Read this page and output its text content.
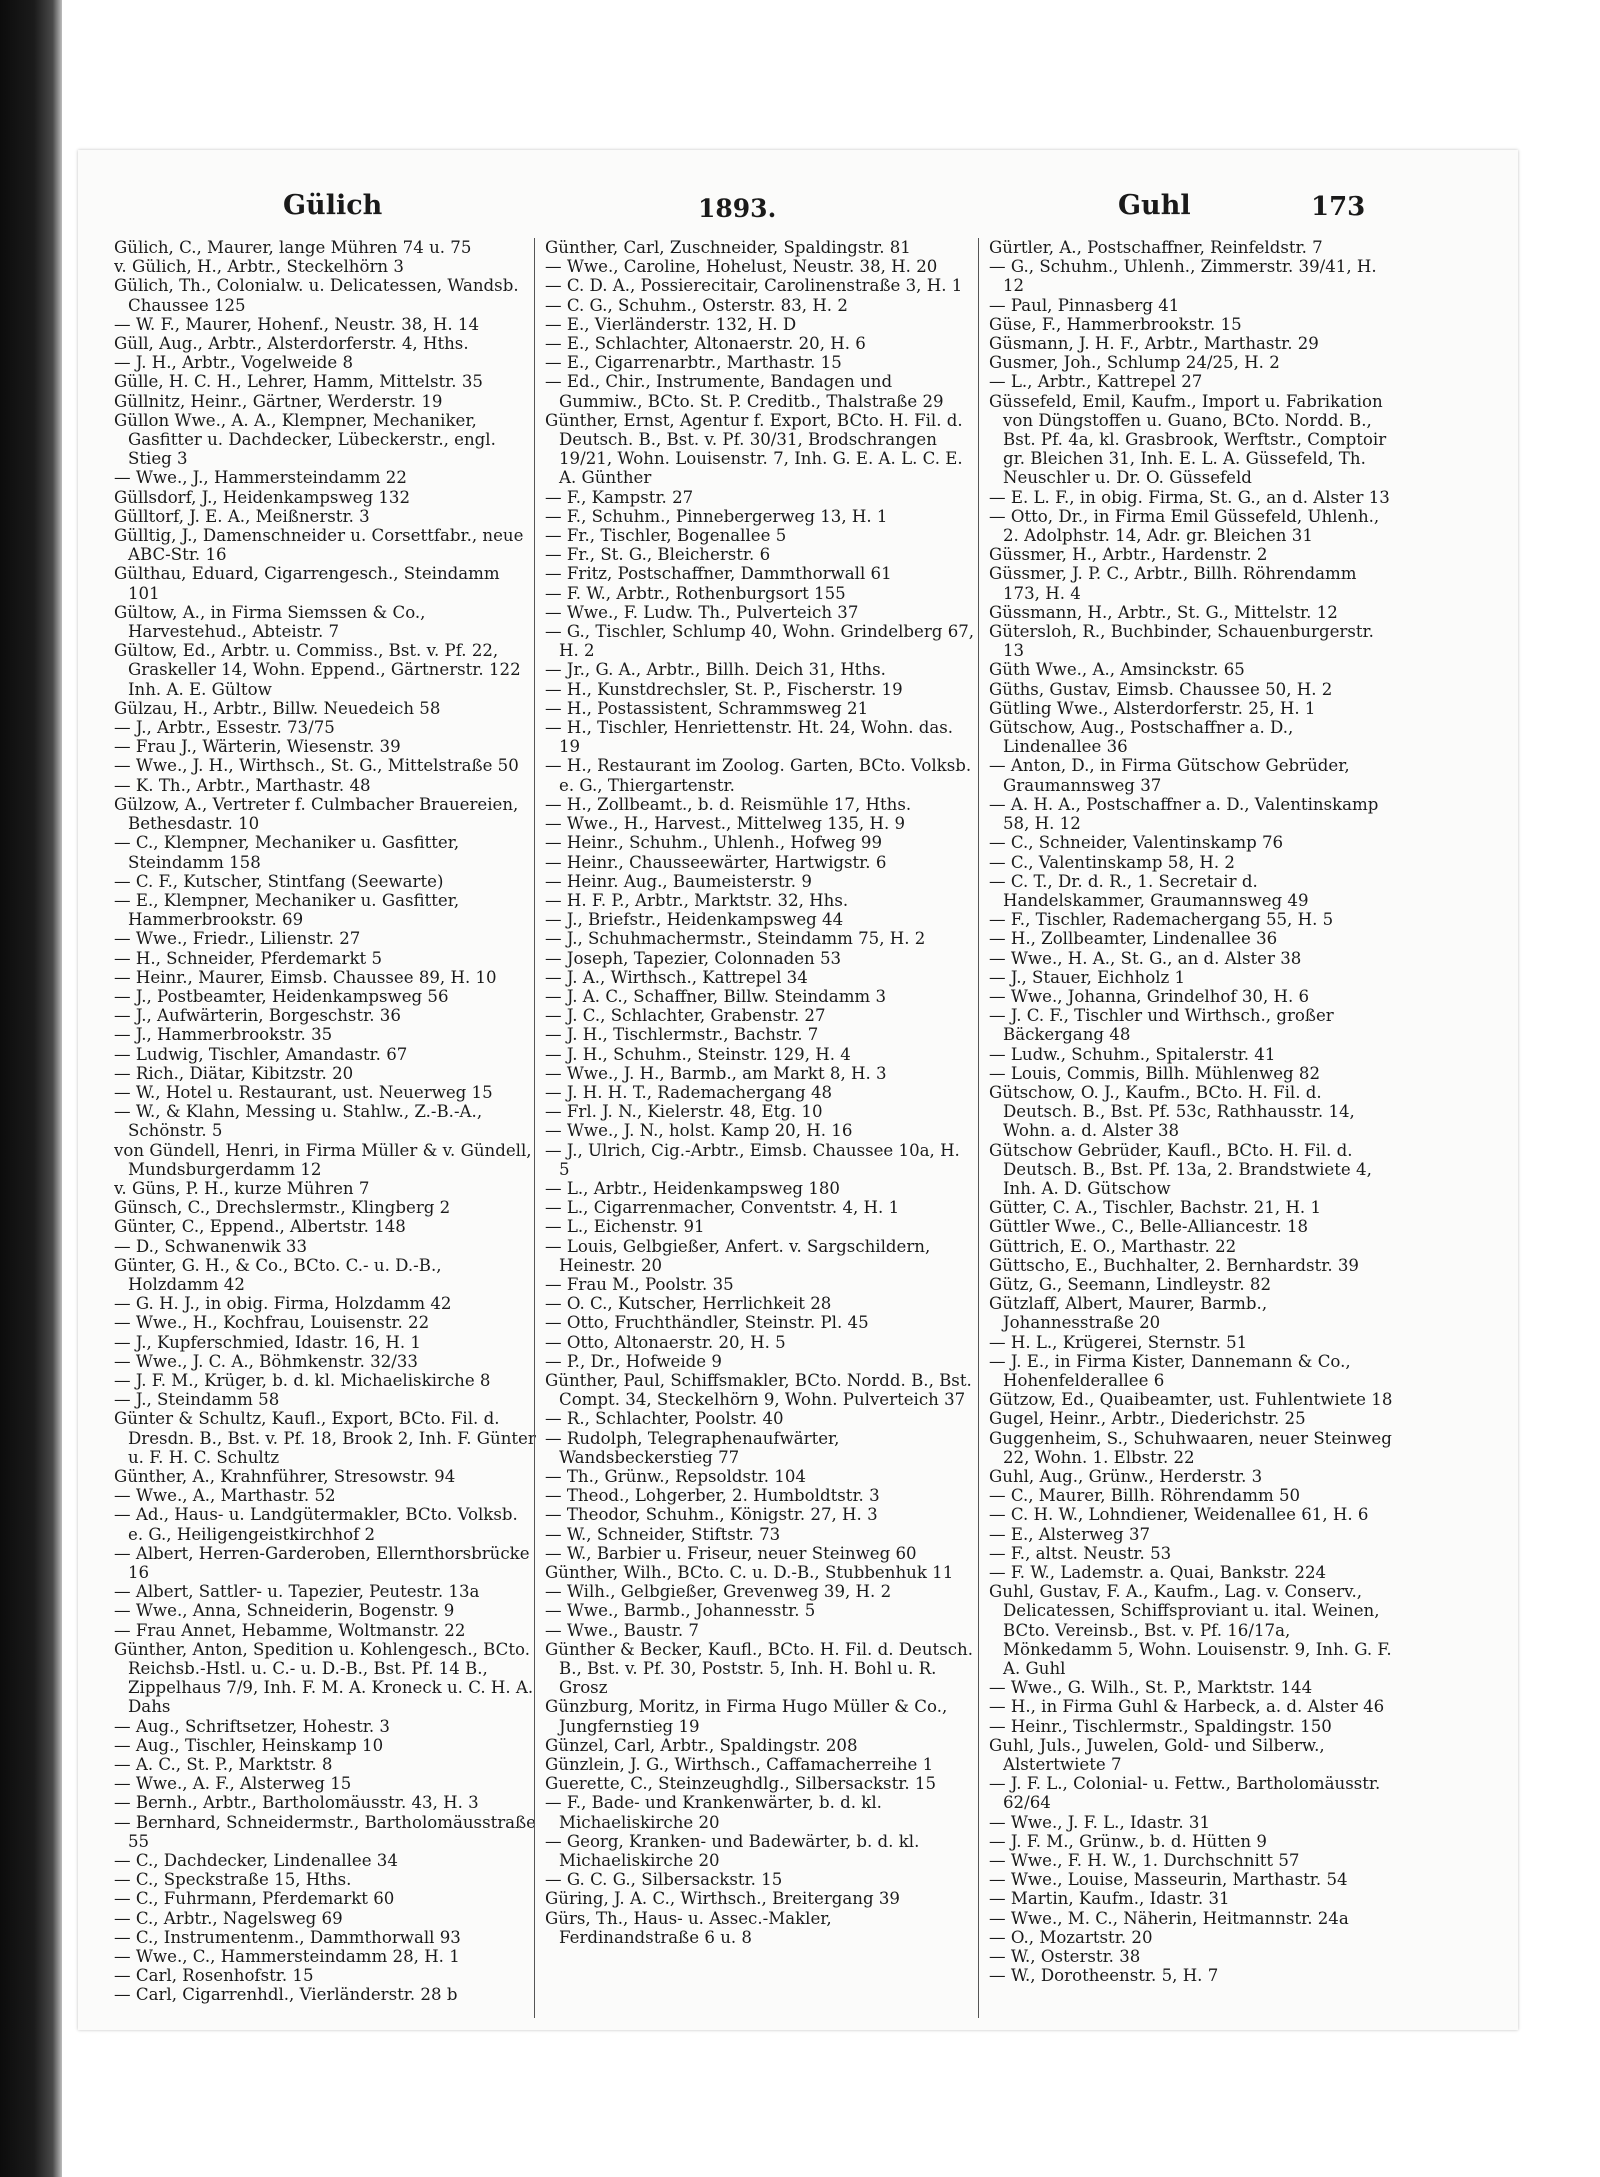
Gülich	1893.	Guhl	173

Gülich, C., Maurer, lange Mühren 74 u. 75

v. Gülich, H., Arbtr., Steckelhörn 3

Gülich, Th., Colonialw. u. Delicatessen, Wandsb. Chaussee 125

— W. F., Maurer, Hohenf., Neustr. 38, H. 14

Güll, Aug., Arbtr., Alsterdorferstr. 4, Hths.

— J. H., Arbtr., Vogelweide 8

Gülle, H. C. H., Lehrer, Hamm, Mittelstr. 35

Güllnitz, Heinr., Gärtner, Werderstr. 19

Güllon Wwe., A. A., Klempner, Mechaniker, Gasfitter u. Dachdecker, Lübeckerstr., engl. Stieg 3

— Wwe., J., Hammersteindamm 22

Güllsdorf, J., Heidenkampsweg 132

Gülltorf, J. E. A., Meißnerstr. 3

Gülltig, J., Damenschneider u. Corsettfabr., neue ABC-Str. 16

Gülthau, Eduard, Cigarrengesch., Steindamm 101

Gültow, A., in Firma Siemssen & Co., Harvestehud., Abteistr. 7

Gültow, Ed., Arbtr. u. Commiss., Bst. v. Pf. 22, Graskeller 14, Wohn. Eppend., Gärtnerstr. 122 Inh. A. E. Gültow

Gülzau, H., Arbtr., Billw. Neuedeich 58

— J., Arbtr., Essestr. 73/75

— Frau J., Wärterin, Wiesenstr. 39

— Wwe., J. H., Wirthsch., St. G., Mittelstraße 50

— K. Th., Arbtr., Marthastr. 48

Gülzow, A., Vertreter f. Culmbacher Brauereien, Bethesdastr. 10

— C., Klempner, Mechaniker u. Gasfitter, Steindamm 158

— C. F., Kutscher, Stintfang (Seewarte)

— E., Klempner, Mechaniker u. Gasfitter, Hammerbrookstr. 69

— Wwe., Friedr., Lilienstr. 27

— H., Schneider, Pferdemarkt 5

— Heinr., Maurer, Eimsb. Chaussee 89, H. 10

— J., Postbeamter, Heidenkampsweg 56

— J., Aufwärterin, Borgeschstr. 36

— J., Hammerbrookstr. 35

— Ludwig, Tischler, Amandastr. 67

— Rich., Diätar, Kibitzstr. 20

— W., Hotel u. Restaurant, ust. Neuerweg 15

— W., & Klahn, Messing u. Stahlw., Z.-B.-A., Schönstr. 5

von Gündell, Henri, in Firma Müller & v. Gündell, Mundsburgerdamm 12

v. Güns, P. H., kurze Mühren 7

Günsch, C., Drechslermstr., Klingberg 2

Günter, C., Eppend., Albertstr. 148

— D., Schwanenwik 33

Günter, G. H., & Co., BCto. C.- u. D.-B., Holzdamm 42

— G. H. J., in obig. Firma, Holzdamm 42

— Wwe., H., Kochfrau, Louisenstr. 22

— J., Kupferschmied, Idastr. 16, H. 1

— Wwe., J. C. A., Böhmkenstr. 32/33

— J. F. M., Krüger, b. d. kl. Michaeliskirche 8

— J., Steindamm 58

Günter & Schultz, Kaufl., Export, BCto. Fil. d. Dresdn. B., Bst. v. Pf. 18, Brook 2, Inh. F. Günter u. F. H. C. Schultz

Günther, A., Krahnführer, Stresowstr. 94

— Wwe., A., Marthastr. 52

— Ad., Haus- u. Landgütermakler, BCto. Volksb. e. G., Heiligengeistkirchhof 2

— Albert, Herren-Garderoben, Ellernthorsbrücke 16

— Albert, Sattler- u. Tapezier, Peutestr. 13a

— Wwe., Anna, Schneiderin, Bogenstr. 9

— Frau Annet, Hebamme, Woltmanstr. 22

Günther, Anton, Spedition u. Kohlengesch., BCto. Reichsb.-Hstl. u. C.- u. D.-B., Bst. Pf. 14 B., Zippelhaus 7/9, Inh. F. M. A. Kroneck u. C. H. A. Dahs

— Aug., Schriftsetzer, Hohestr. 3

— Aug., Tischler, Heinskamp 10

— A. C., St. P., Marktstr. 8

— Wwe., A. F., Alsterweg 15

— Bernh., Arbtr., Bartholomäusstr. 43, H. 3

— Bernhard, Schneidermstr., Bartholomäusstraße 55

— C., Dachdecker, Lindenallee 34

— C., Speckstraße 15, Hths.

— C., Fuhrmann, Pferdemarkt 60

— C., Arbtr., Nagelsweg 69

— C., Instrumentenm., Dammthorwall 93

— Wwe., C., Hammersteindamm 28, H. 1

— Carl, Rosenhofstr. 15

— Carl, Cigarrenhdl., Vierländerstr. 28 b

Günther, Carl, Zuschneider, Spaldingstr. 81

— Wwe., Caroline, Hohelust, Neustr. 38, H. 20

— C. D. A., Possierecitair, Carolinenstraße 3, H. 1

— C. G., Schuhm., Osterstr. 83, H. 2

— E., Vierländerstr. 132, H. D

— E., Schlachter, Altonaerstr. 20, H. 6

— E., Cigarrenarbtr., Marthastr. 15

— Ed., Chir., Instrumente, Bandagen und Gummiw., BCto. St. P. Creditb., Thalstraße 29

Günther, Ernst, Agentur f. Export, BCto. H. Fil. d. Deutsch. B., Bst. v. Pf. 30/31, Brodschrangen 19/21, Wohn. Louisenstr. 7, Inh. G. E. A. L. C. E. A. Günther

— F., Kampstr. 27

— F., Schuhm., Pinnebergerweg 13, H. 1

— Fr., Tischler, Bogenallee 5

— Fr., St. G., Bleicherstr. 6

— Fritz, Postschaffner, Dammthorwall 61

— F. W., Arbtr., Rothenburgsort 155

— Wwe., F. Ludw. Th., Pulverteich 37

— G., Tischler, Schlump 40, Wohn. Grindelberg 67, H. 2

— Jr., G. A., Arbtr., Billh. Deich 31, Hths.

— H., Kunstdrechsler, St. P., Fischerstr. 19

— H., Postassistent, Schrammsweg 21

— H., Tischler, Henriettenstr. Ht. 24, Wohn. das. 19

— H., Restaurant im Zoolog. Garten, BCto. Volksb. e. G., Thiergartenstr.

— H., Zollbeamt., b. d. Reismühle 17, Hths.

— Wwe., H., Harvest., Mittelweg 135, H. 9

— Heinr., Schuhm., Uhlenh., Hofweg 99

— Heinr., Chausseewärter, Hartwigstr. 6

— Heinr. Aug., Baumeisterstr. 9

— H. F. P., Arbtr., Marktstr. 32, Hhs.

— J., Briefstr., Heidenkampsweg 44

— J., Schuhmachermstr., Steindamm 75, H. 2

— Joseph, Tapezier, Colonnaden 53

— J. A., Wirthsch., Kattrepel 34

— J. A. C., Schaffner, Billw. Steindamm 3

— J. C., Schlachter, Grabenstr. 27

— J. H., Tischlermstr., Bachstr. 7

— J. H., Schuhm., Steinstr. 129, H. 4

— Wwe., J. H., Barmb., am Markt 8, H. 3

— J. H. H. T., Rademachergang 48

— Frl. J. N., Kielerstr. 48, Etg. 10

— Wwe., J. N., holst. Kamp 20, H. 16

— J., Ulrich, Cig.-Arbtr., Eimsb. Chaussee 10a, H. 5

— L., Arbtr., Heidenkampsweg 180

— L., Cigarrenmacher, Conventstr. 4, H. 1

— L., Eichenstr. 91

— Louis, Gelbgießer, Anfert. v. Sargschildern, Heinestr. 20

— Frau M., Poolstr. 35

— O. C., Kutscher, Herrlichkeit 28

— Otto, Fruchthändler, Steinstr. Pl. 45

— Otto, Altonaerstr. 20, H. 5

— P., Dr., Hofweide 9

Günther, Paul, Schiffsmakler, BCto. Nordd. B., Bst. Compt. 34, Steckelhörn 9, Wohn. Pulverteich 37

— R., Schlachter, Poolstr. 40

— Rudolph, Telegraphenaufwärter, Wandsbeckerstieg 77

— Th., Grünw., Repsoldstr. 104

— Theod., Lohgerber, 2. Humboldtstr. 3

— Theodor, Schuhm., Königstr. 27, H. 3

— W., Schneider, Stiftstr. 73

— W., Barbier u. Friseur, neuer Steinweg 60

Günther, Wilh., BCto. C. u. D.-B., Stubbenhuk 11

— Wilh., Gelbgießer, Grevenweg 39, H. 2

— Wwe., Barmb., Johannesstr. 5

— Wwe., Baustr. 7

Günther & Becker, Kaufl., BCto. H. Fil. d. Deutsch. B., Bst. v. Pf. 30, Poststr. 5, Inh. H. Bohl u. R. Grosz

Günzburg, Moritz, in Firma Hugo Müller & Co., Jungfernstieg 19

Günzel, Carl, Arbtr., Spaldingstr. 208

Günzlein, J. G., Wirthsch., Caffamacherreihe 1

Guerette, C., Steinzeughdlg., Silbersackstr. 15

— F., Bade- und Krankenwärter, b. d. kl. Michaeliskirche 20

— Georg, Kranken- und Badewärter, b. d. kl. Michaeliskirche 20

— G. C. G., Silbersackstr. 15

Güring, J. A. C., Wirthsch., Breitergang 39

Gürs, Th., Haus- u. Assec.-Makler, Ferdinandstraße 6 u. 8

Gürtler, A., Postschaffner, Reinfeldstr. 7

— G., Schuhm., Uhlenh., Zimmerstr. 39/41, H. 12

— Paul, Pinnasberg 41

Güse, F., Hammerbrookstr. 15

Güsmann, J. H. F., Arbtr., Marthastr. 29

Gusmer, Joh., Schlump 24/25, H. 2

— L., Arbtr., Kattrepel 27

Güssefeld, Emil, Kaufm., Import u. Fabrikation von Düngstoffen u. Guano, BCto. Nordd. B., Bst. Pf. 4a, kl. Grasbrook, Werftstr., Comptoir gr. Bleichen 31, Inh. E. L. A. Güssefeld, Th. Neuschler u. Dr. O. Güssefeld

— E. L. F., in obig. Firma, St. G., an d. Alster 13

— Otto, Dr., in Firma Emil Güssefeld, Uhlenh., 2. Adolphstr. 14, Adr. gr. Bleichen 31

Güssmer, H., Arbtr., Hardenstr. 2

Güssmer, J. P. C., Arbtr., Billh. Röhrendamm 173, H. 4

Güssmann, H., Arbtr., St. G., Mittelstr. 12

Gütersloh, R., Buchbinder, Schauenburgerstr. 13

Güth Wwe., A., Amsinckstr. 65

Güths, Gustav, Eimsb. Chaussee 50, H. 2

Gütling Wwe., Alsterdorferstr. 25, H. 1

Gütschow, Aug., Postschaffner a. D., Lindenallee 36

— Anton, D., in Firma Gütschow Gebrüder, Graumannsweg 37

— A. H. A., Postschaffner a. D., Valentinskamp 58, H. 12

— C., Schneider, Valentinskamp 76

— C., Valentinskamp 58, H. 2

— C. T., Dr. d. R., 1. Secretair d. Handelskammer, Graumannsweg 49

— F., Tischler, Rademachergang 55, H. 5

— H., Zollbeamter, Lindenallee 36

— Wwe., H. A., St. G., an d. Alster 38

— J., Stauer, Eichholz 1

— Wwe., Johanna, Grindelhof 30, H. 6

— J. C. F., Tischler und Wirthsch., großer Bäckergang 48

— Ludw., Schuhm., Spitalerstr. 41

— Louis, Commis, Billh. Mühlenweg 82

Gütschow, O. J., Kaufm., BCto. H. Fil. d. Deutsch. B., Bst. Pf. 53c, Rathhausstr. 14, Wohn. a. d. Alster 38

Gütschow Gebrüder, Kaufl., BCto. H. Fil. d. Deutsch. B., Bst. Pf. 13a, 2. Brandstwiete 4, Inh. A. D. Gütschow

Gütter, C. A., Tischler, Bachstr. 21, H. 1

Güttler Wwe., C., Belle-Alliancestr. 18

Güttrich, E. O., Marthastr. 22

Güttscho, E., Buchhalter, 2. Bernhardstr. 39

Gütz, G., Seemann, Lindleystr. 82

Gützlaff, Albert, Maurer, Barmb., Johannesstraße 20

— H. L., Krügerei, Sternstr. 51

— J. E., in Firma Kister, Dannemann & Co., Hohenfelderallee 6

Gützow, Ed., Quaibeamter, ust. Fuhlentwiete 18

Gugel, Heinr., Arbtr., Diederichstr. 25

Guggenheim, S., Schuhwaaren, neuer Steinweg 22, Wohn. 1. Elbstr. 22

Guhl, Aug., Grünw., Herderstr. 3

— C., Maurer, Billh. Röhrendamm 50

— C. H. W., Lohndiener, Weidenallee 61, H. 6

— E., Alsterweg 37

— F., altst. Neustr. 53

— F. W., Lademstr. a. Quai, Bankstr. 224

Guhl, Gustav, F. A., Kaufm., Lag. v. Conserv., Delicatessen, Schiffsproviant u. ital. Weinen, BCto. Vereinsb., Bst. v. Pf. 16/17a, Mönkedamm 5, Wohn. Louisenstr. 9, Inh. G. F. A. Guhl

— Wwe., G. Wilh., St. P., Marktstr. 144

— H., in Firma Guhl & Harbeck, a. d. Alster 46

— Heinr., Tischlermstr., Spaldingstr. 150

Guhl, Juls., Juwelen, Gold- und Silberw., Alstertwiete 7

— J. F. L., Colonial- u. Fettw., Bartholomäusstr. 62/64

— Wwe., J. F. L., Idastr. 31

— J. F. M., Grünw., b. d. Hütten 9

— Wwe., F. H. W., 1. Durchschnitt 57

— Wwe., Louise, Masseurin, Marthastr. 54

— Martin, Kaufm., Idastr. 31

— Wwe., M. C., Näherin, Heitmannstr. 24a

— O., Mozartstr. 20

— W., Osterstr. 38

— W., Dorotheenstr. 5, H. 7
